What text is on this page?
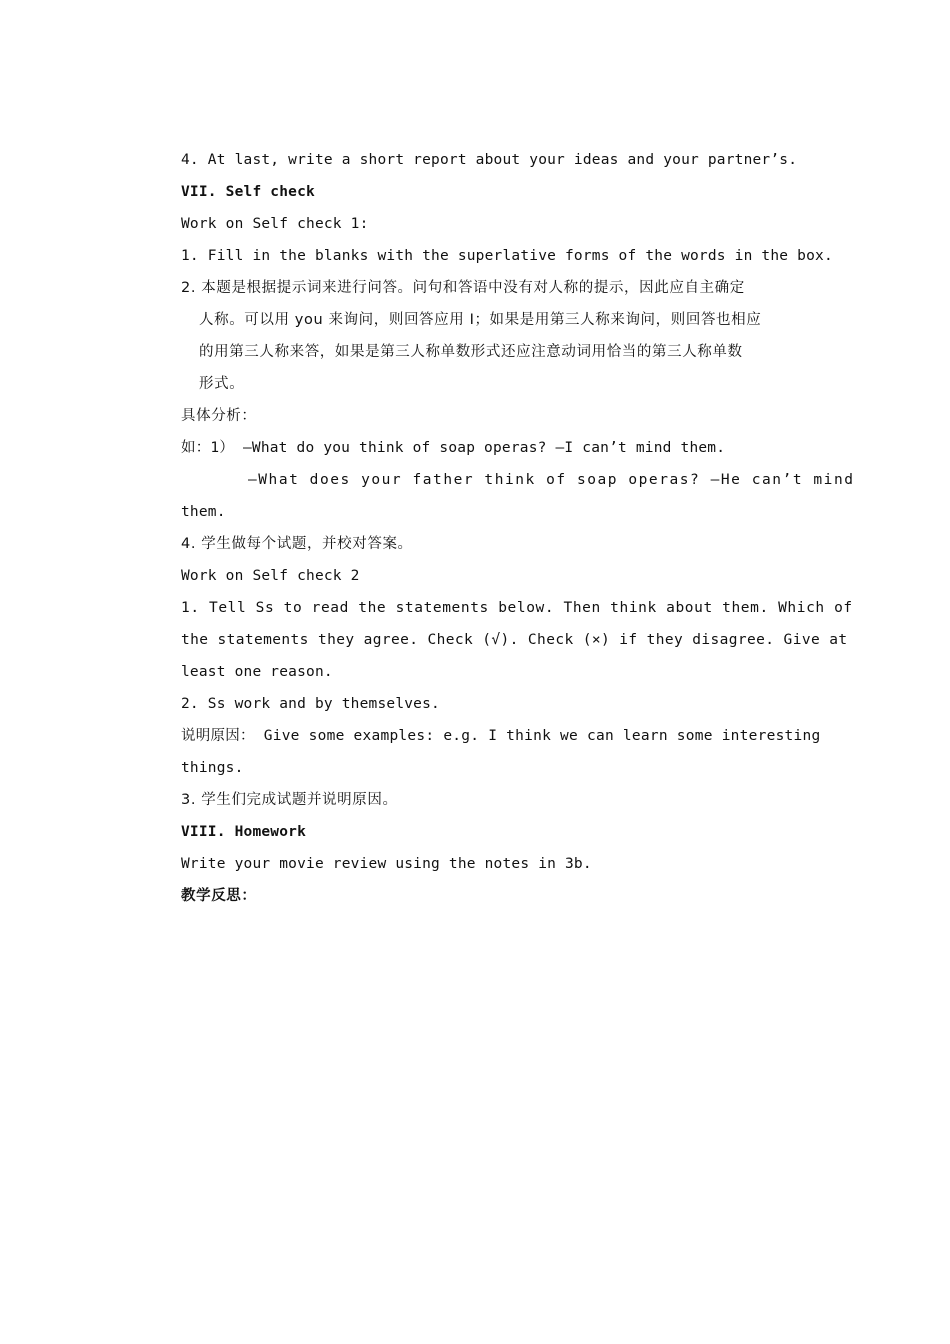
4. At last, write a short report about your ideas and your partner’s.
VII. Self check
Work on Self check 1:
1. Fill in the blanks with the superlative forms of the words in the box.
2. 本题是根据提示词来进行问答。问句和答语中没有对人称的提示，因此应自主确定
人称。可以用 you 来询问，则回答应用 I；如果是用第三人称来询问，则回答也相应
的用第三人称来答，如果是第三人称单数形式还应注意动词用恰当的第三人称单数
形式。
具体分析：
如：1） —What do you think of soap operas? —I can’t mind them.
—What does your father think of soap operas? —He can’t mind
them.
4. 学生做每个试题，并校对答案。
Work on Self check 2
1. Tell Ss to read the statements below. Then think about them. Which of
the statements they agree. Check (√). Check (×) if they disagree. Give at
least one reason.
2. Ss work and by themselves.
说明原因： Give some examples: e.g. I think we can learn some interesting
things.
3. 学生们完成试题并说明原因。
VIII. Homework
Write your movie review using the notes in 3b.
教学反思：
